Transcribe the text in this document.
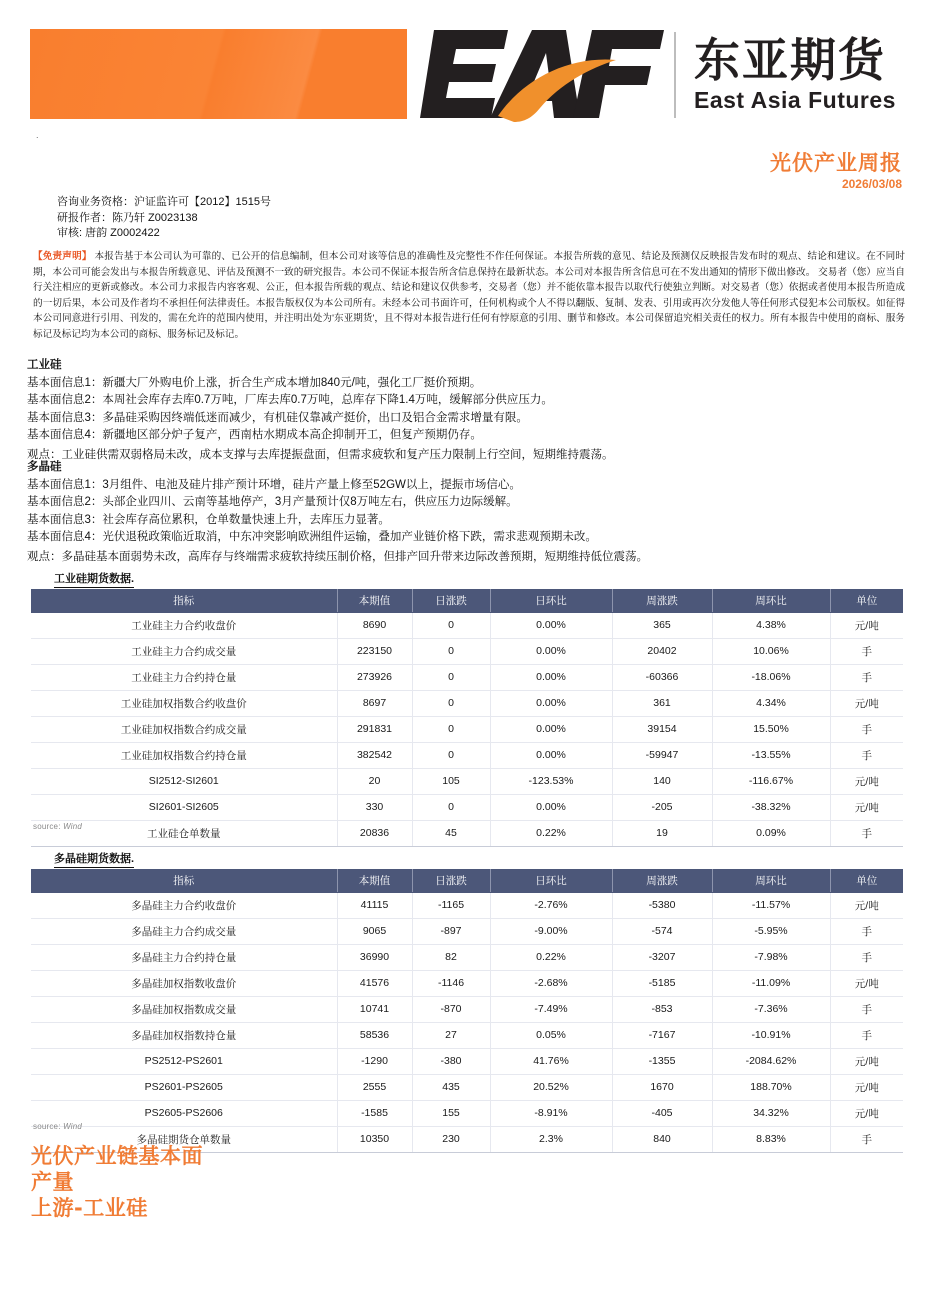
东亚期货
East Asia Futures
.
光伏产业周报
2026/03/08
咨询业务资格：沪证监许可【2012】1515号
研报作者：陈乃轩 Z0023138
审核: 唐韵 Z0002422
【免责声明】 本报告基于本公司认为可靠的、已公开的信息编制，但本公司对该等信息的准确性及完整性不作任何保证。本报告所载的意见、结论及预测仅反映报告发布时的观点、结论和建议。在不同时期，本公司可能会发出与本报告所载意见、评估及预测不一致的研究报告。本公司不保证本报告所含信息保持在最新状态。本公司对本报告所含信息可在不发出通知的情形下做出修改。 交易者（您）应当自行关注相应的更新或修改。本公司力求报告内容客观、公正，但本报告所载的观点、结论和建议仅供参考，交易者（您）并不能依靠本报告以取代行使独立判断。对交易者（您）依据或者使用本报告所造成的一切后果，本公司及作者均不承担任何法律责任。本报告版权仅为本公司所有。未经本公司书面许可，任何机构或个人不得以翻版、复制、发表、引用或再次分发他人等任何形式侵犯本公司版权。如征得本公司同意进行引用、刊发的，需在允许的范围内使用，并注明出处为'东亚期货'，且不得对本报告进行任何有悖原意的引用、删节和修改。本公司保留追究相关责任的权力。所有本报告中使用的商标、服务标记及标记均为本公司的商标、服务标记及标记。
工业硅
基本面信息1：新疆大厂外购电价上涨，折合生产成本增加840元/吨，强化工厂挺价预期。
基本面信息2：本周社会库存去库0.7万吨，厂库去库0.7万吨，总库存下降1.4万吨，缓解部分供应压力。
基本面信息3：多晶硅采购因终端低迷而减少，有机硅仅靠减产挺价，出口及铝合金需求增量有限。
基本面信息4：新疆地区部分炉子复产，西南枯水期成本高企抑制开工，但复产预期仍存。
观点：工业硅供需双弱格局未改，成本支撑与去库提振盘面，但需求疲软和复产压力限制上行空间，短期维持震荡。
多晶硅
基本面信息1：3月组件、电池及硅片排产预计环增，硅片产量上修至52GW以上，提振市场信心。
基本面信息2：头部企业四川、云南等基地停产，3月产量预计仅8万吨左右，供应压力边际缓解。
基本面信息3：社会库存高位累积，仓单数量快速上升，去库压力显著。
基本面信息4：光伏退税政策临近取消，中东冲突影响欧洲组件运输，叠加产业链价格下跌，需求悲观预期未改。
观点：多晶硅基本面弱势未改，高库存与终端需求疲软持续压制价格，但排产回升带来边际改善预期，短期维持低位震荡。
工业硅期货数据.
指标	本期值	日涨跌	日环比	周涨跌	周环比	单位
工业硅主力合约收盘价	8690	0	0.00%	365	4.38%	元/吨
工业硅主力合约成交量	223150	0	0.00%	20402	10.06%	手
工业硅主力合约持仓量	273926	0	0.00%	-60366	-18.06%	手
工业硅加权指数合约收盘价	8697	0	0.00%	361	4.34%	元/吨
工业硅加权指数合约成交量	291831	0	0.00%	39154	15.50%	手
工业硅加权指数合约持仓量	382542	0	0.00%	-59947	-13.55%	手
SI2512-SI2601	20	105	-123.53%	140	-116.67%	元/吨
SI2601-SI2605	330	0	0.00%	-205	-38.32%	元/吨
工业硅仓单数量	20836	45	0.22%	19	0.09%	手
source: Wind
多晶硅期货数据.
指标	本期值	日涨跌	日环比	周涨跌	周环比	单位
多晶硅主力合约收盘价	41115	-1165	-2.76%	-5380	-11.57%	元/吨
多晶硅主力合约成交量	9065	-897	-9.00%	-574	-5.95%	手
多晶硅主力合约持仓量	36990	82	0.22%	-3207	-7.98%	手
多晶硅加权指数收盘价	41576	-1146	-2.68%	-5185	-11.09%	元/吨
多晶硅加权指数成交量	10741	-870	-7.49%	-853	-7.36%	手
多晶硅加权指数持仓量	58536	27	0.05%	-7167	-10.91%	手
PS2512-PS2601	-1290	-380	41.76%	-1355	-2084.62%	元/吨
PS2601-PS2605	2555	435	20.52%	1670	188.70%	元/吨
PS2605-PS2606	-1585	155	-8.91%	-405	34.32%	元/吨
多晶硅期货仓单数量	10350	230	2.3%	840	8.83%	手
source: Wind
光伏产业链基本面
产量
上游-工业硅
